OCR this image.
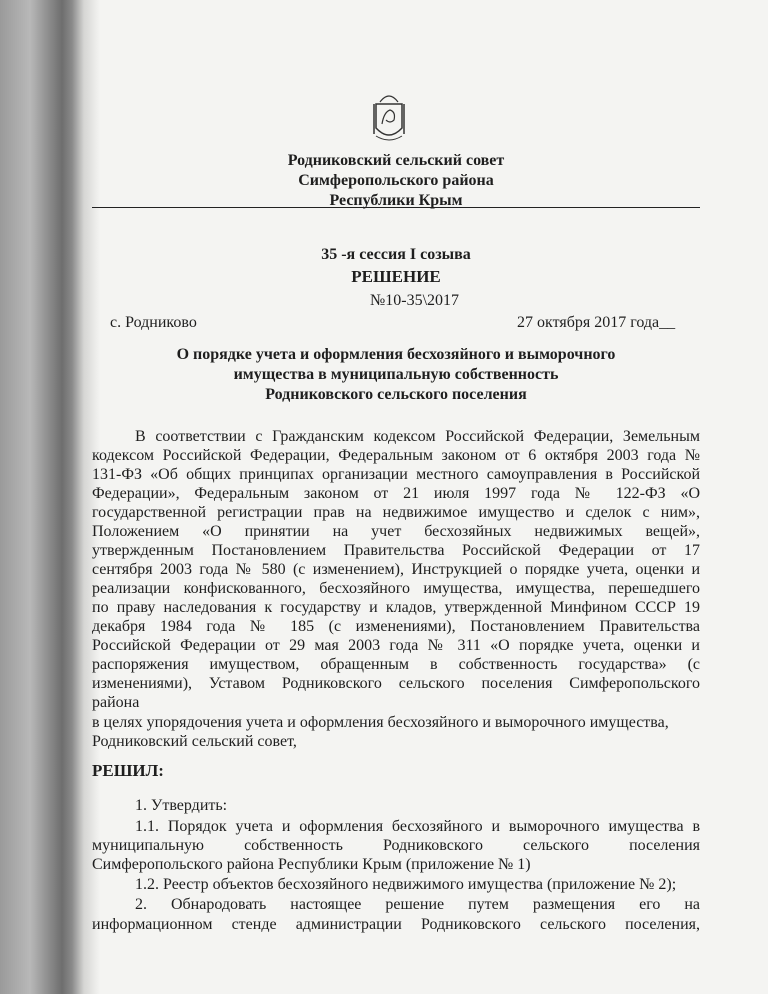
Родниковский сельский совет
Симферопольского района
Республики Крым
35 -я сессия I созыва
РЕШЕНИЕ
№10-35\2017
с. Родниково	27 октября 2017 года__
О порядке учета и оформления бесхозяйного и выморочного
имущества в муниципальную собственность
Родниковского сельского поселения
В соответствии с Гражданским кодексом Российской Федерации, Земельным
кодексом Российской Федерации, Федеральным законом от 6 октября 2003 года №
131-ФЗ «Об общих принципах организации местного самоуправления в Российской
Федерации», Федеральным законом от 21 июля 1997 года № 122-ФЗ «О
государственной регистрации прав на недвижимое имущество и сделок с ним»,
Положением «О принятии на учет бесхозяйных недвижимых вещей»,
утвержденным Постановлением Правительства Российской Федерации от 17
сентября 2003 года № 580 (с изменением), Инструкцией о порядке учета, оценки и
реализации конфискованного, бесхозяйного имущества, имущества, перешедшего
по праву наследования к государству и кладов, утвержденной Минфином СССР 19
декабря 1984 года № 185 (с изменениями), Постановлением Правительства
Российской Федерации от 29 мая 2003 года № 311 «О порядке учета, оценки и
распоряжения имуществом, обращенным в собственность государства» (с
изменениями), Уставом Родниковского сельского поселения Симферопольского
района
в целях упорядочения учета и оформления бесхозяйного и выморочного имущества,
Родниковский сельский совет,
РЕШИЛ:
1. Утвердить:
1.1. Порядок учета и оформления бесхозяйного и выморочного имущества в
муниципальную собственность Родниковского сельского поселения
Симферопольского района Республики Крым (приложение № 1)
1.2. Реестр объектов бесхозяйного недвижимого имущества (приложение № 2);
2. Обнародовать настоящее решение путем размещения его на
информационном стенде администрации Родниковского сельского поселения,
